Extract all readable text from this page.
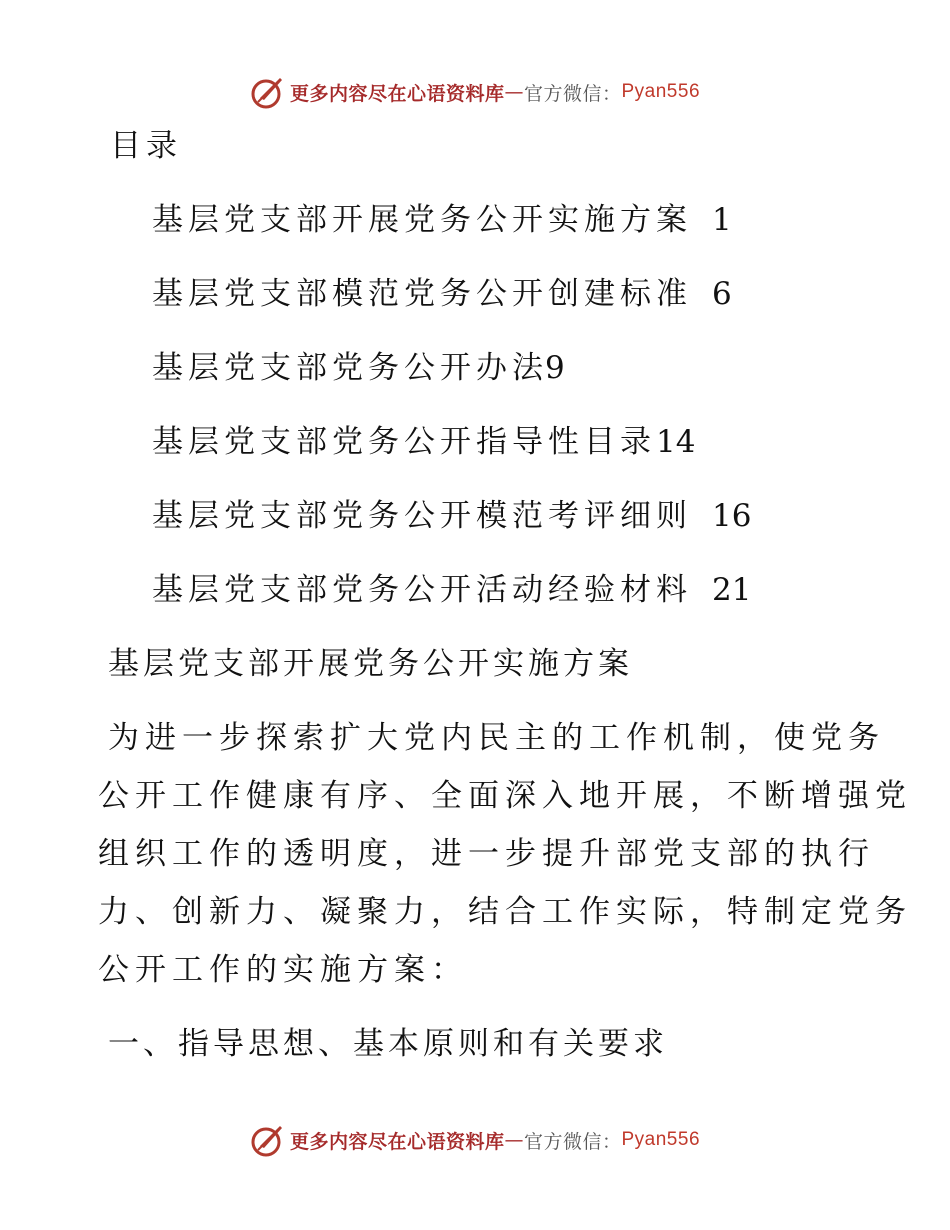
更多内容尽在心语资料库 — 官方微信： Pyan556
目录
基层党支部开展党务公开实施方案 1
基层党支部模范党务公开创建标准 6
基层党支部党务公开办法
9
基层党支部党务公开指导性目录 14
基层党支部党务公开模范考评细则 16
基层党支部党务公开活动经验材料 21
基层党支部开展党务公开实施方案
为进一步探索扩大党内民主的工作机制，使党务
公开工作健康有序、全面深入地开展，不断增强党
组织工作的透明度，进一步提升部党支部的执行
力、创新力、凝聚力，结合工作实际，特制定党务
公开工作的实施方案：
一、指导思想、基本原则和有关要求
更多内容尽在心语资料库 — 官方微信： Pyan556
